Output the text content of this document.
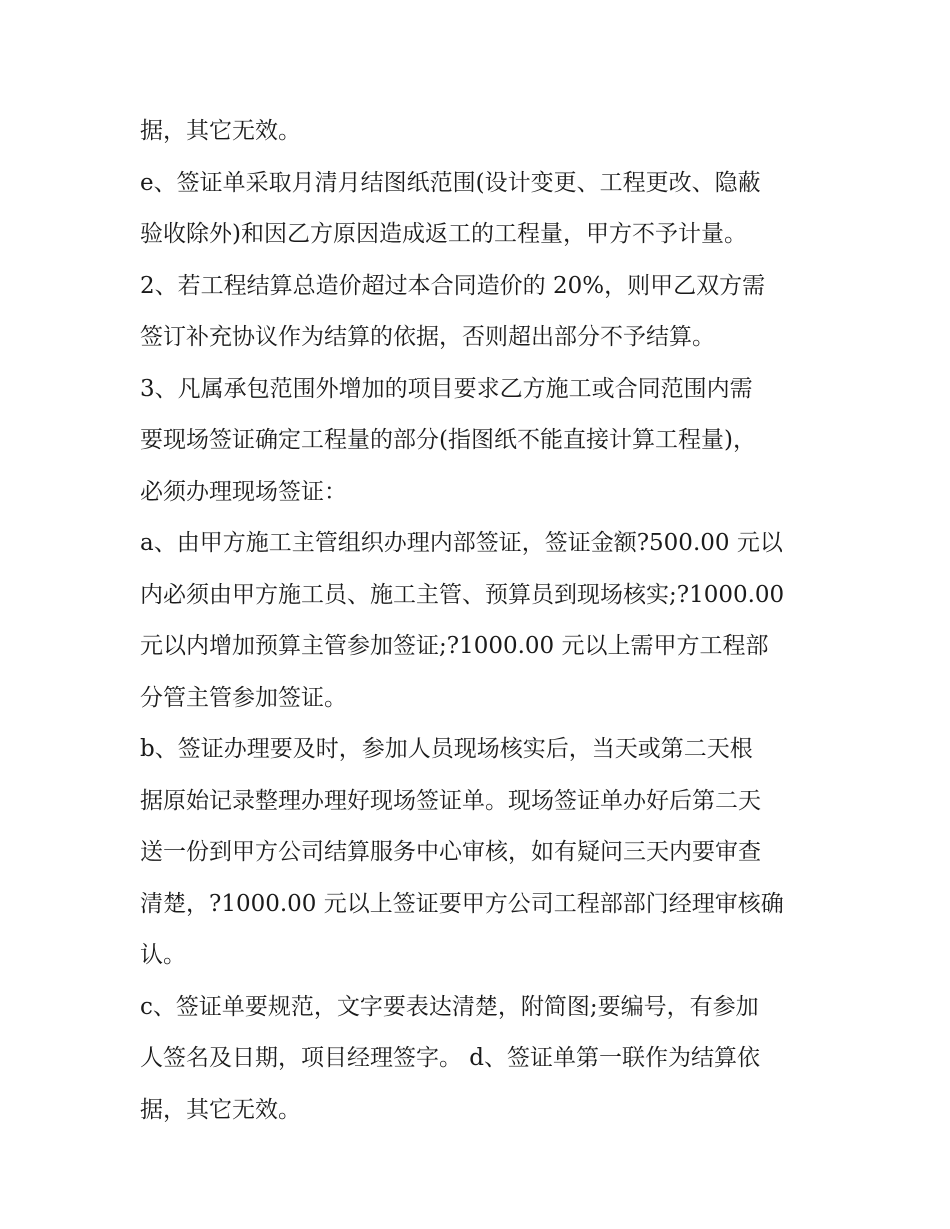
据，其它无效。
e、签证单采取月清月结图纸范围(设计变更、工程更改、隐蔽
验收除外)和因乙方原因造成返工的工程量，甲方不予计量。
2、若工程结算总造价超过本合同造价的 20%，则甲乙双方需
签订补充协议作为结算的依据，否则超出部分不予结算。
3、凡属承包范围外增加的项目要求乙方施工或合同范围内需
要现场签证确定工程量的部分(指图纸不能直接计算工程量)，
必须办理现场签证：
a、由甲方施工主管组织办理内部签证，签证金额?500.00 元以
内必须由甲方施工员、施工主管、预算员到现场核实;?1000.00
元以内增加预算主管参加签证;?1000.00 元以上需甲方工程部
分管主管参加签证。
b、签证办理要及时，参加人员现场核实后，当天或第二天根
据原始记录整理办理好现场签证单。现场签证单办好后第二天
送一份到甲方公司结算服务中心审核，如有疑问三天内要审查
清楚，?1000.00 元以上签证要甲方公司工程部部门经理审核确
认。
c、签证单要规范，文字要表达清楚，附简图;要编号，有参加
人签名及日期，项目经理签字。 d、签证单第一联作为结算依
据，其它无效。
